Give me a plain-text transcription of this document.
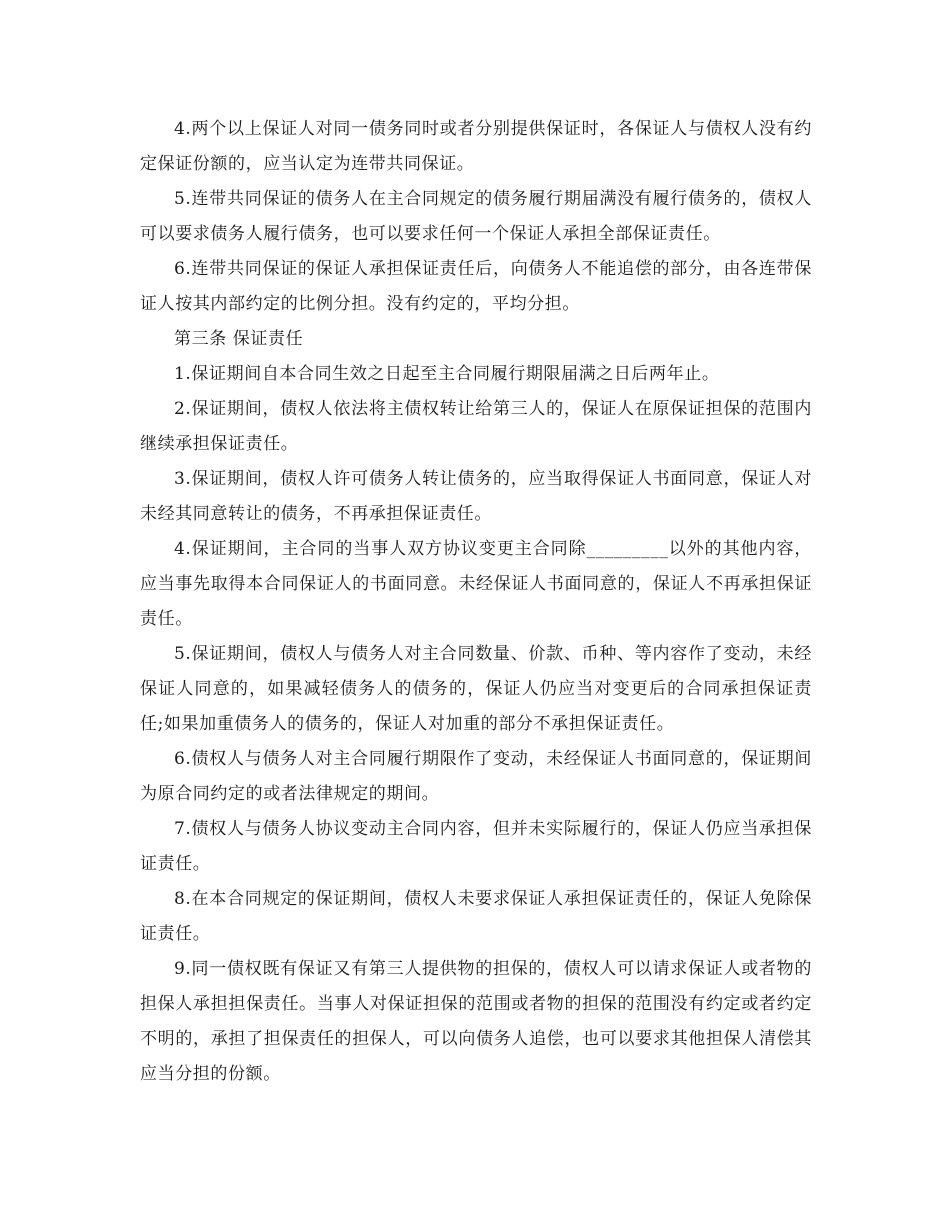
4.两个以上保证人对同一债务同时或者分别提供保证时，各保证人与债权人没有约定保证份额的，应当认定为连带共同保证。

5.连带共同保证的债务人在主合同规定的债务履行期届满没有履行债务的，债权人可以要求债务人履行债务，也可以要求任何一个保证人承担全部保证责任。

6.连带共同保证的保证人承担保证责任后，向债务人不能追偿的部分，由各连带保证人按其内部约定的比例分担。没有约定的，平均分担。

第三条 保证责任

1.保证期间自本合同生效之日起至主合同履行期限届满之日后两年止。

2.保证期间，债权人依法将主债权转让给第三人的，保证人在原保证担保的范围内继续承担保证责任。

3.保证期间，债权人许可债务人转让债务的，应当取得保证人书面同意，保证人对未经其同意转让的债务，不再承担保证责任。

4.保证期间，主合同的当事人双方协议变更主合同除_________以外的其他内容，应当事先取得本合同保证人的书面同意。未经保证人书面同意的，保证人不再承担保证责任。

5.保证期间，债权人与债务人对主合同数量、价款、币种、等内容作了变动，未经保证人同意的，如果减轻债务人的债务的，保证人仍应当对变更后的合同承担保证责任;如果加重债务人的债务的，保证人对加重的部分不承担保证责任。

6.债权人与债务人对主合同履行期限作了变动，未经保证人书面同意的，保证期间为原合同约定的或者法律规定的期间。

7.债权人与债务人协议变动主合同内容，但并未实际履行的，保证人仍应当承担保证责任。

8.在本合同规定的保证期间，债权人未要求保证人承担保证责任的，保证人免除保证责任。

9.同一债权既有保证又有第三人提供物的担保的，债权人可以请求保证人或者物的担保人承担担保责任。当事人对保证担保的范围或者物的担保的范围没有约定或者约定不明的，承担了担保责任的担保人，可以向债务人追偿，也可以要求其他担保人清偿其应当分担的份额。
